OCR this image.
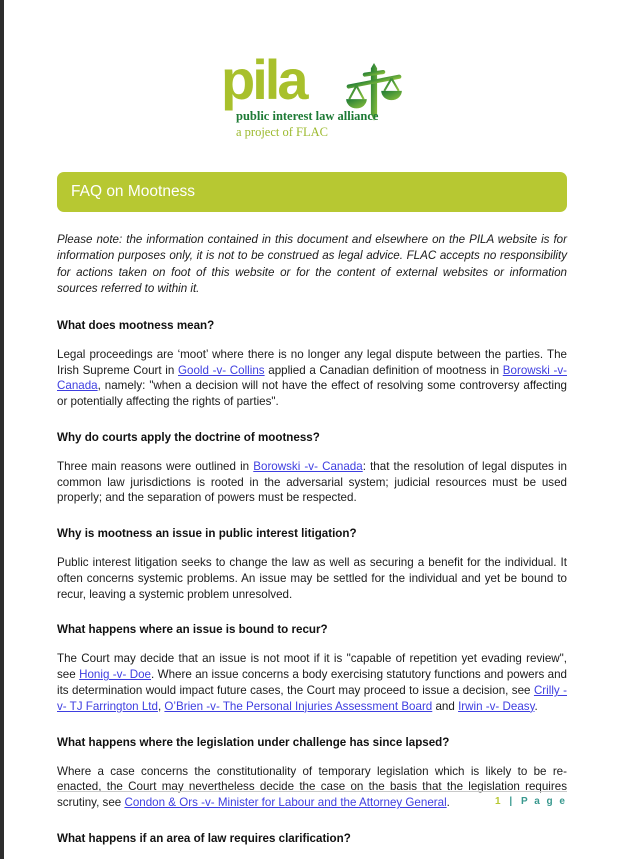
pila
public interest law alliance
a project of FLAC
FAQ on Mootness

Please note: the information contained in this document and elsewhere on the PILA website is for information purposes only, it is not to be construed as legal advice. FLAC accepts no responsibility for actions taken on foot of this website or for the content of external websites or information sources referred to within it.

What does mootness mean?

Legal proceedings are ‘moot’ where there is no longer any legal dispute between the parties. The Irish Supreme Court in Goold -v- Collins applied a Canadian definition of mootness in Borowski -v- Canada, namely: "when a decision will not have the effect of resolving some controversy affecting or potentially affecting the rights of parties".

Why do courts apply the doctrine of mootness?

Three main reasons were outlined in Borowski -v- Canada: that the resolution of legal disputes in common law jurisdictions is rooted in the adversarial system; judicial resources must be used properly; and the separation of powers must be respected.

Why is mootness an issue in public interest litigation?

Public interest litigation seeks to change the law as well as securing a benefit for the individual. It often concerns systemic problems. An issue may be settled for the individual and yet be bound to recur, leaving a systemic problem unresolved.

What happens where an issue is bound to recur?

The Court may decide that an issue is not moot if it is "capable of repetition yet evading review", see Honig -v- Doe. Where an issue concerns a body exercising statutory functions and powers and its determination would impact future cases, the Court may proceed to issue a decision, see Crilly -v- TJ Farrington Ltd, O’Brien -v- The Personal Injuries Assessment Board and Irwin -v- Deasy.

What happens where the legislation under challenge has since lapsed?

Where a case concerns the constitutionality of temporary legislation which is likely to be re-enacted, the Court may nevertheless decide the case on the basis that the legislation requires scrutiny, see Condon & Ors -v- Minister for Labour and the Attorney General.

What happens if an area of law requires clarification?
1 | P a g e
